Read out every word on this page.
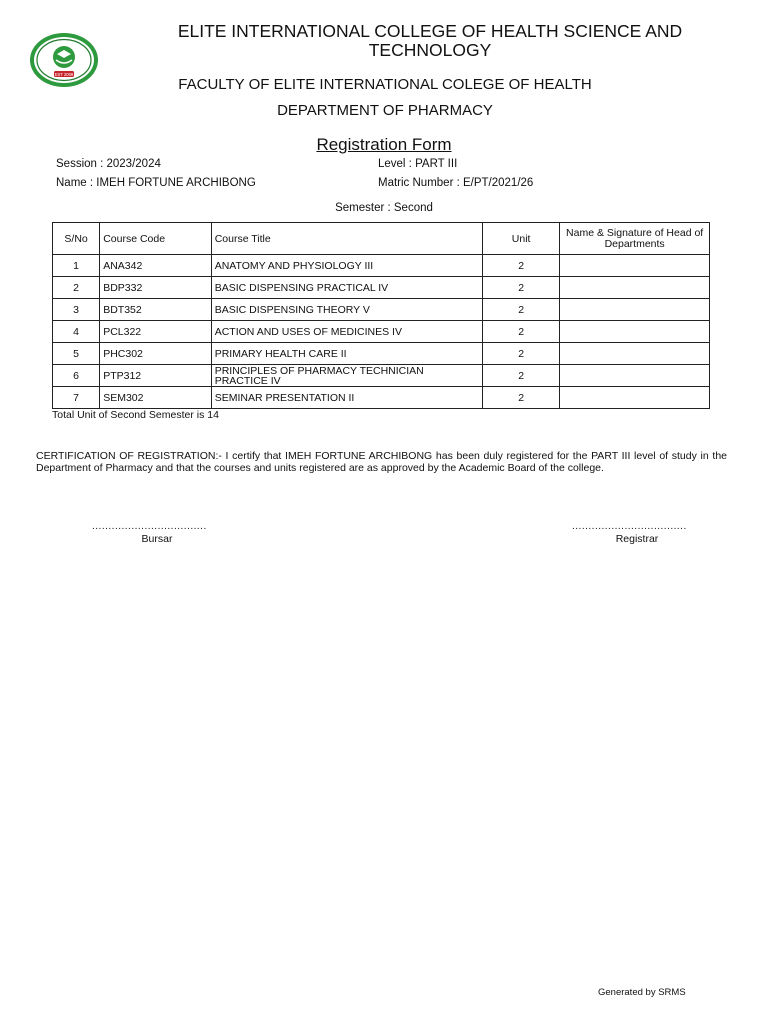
EST 2009
ELITE INTERNATIONAL COLLEGE OF HEALTH SCIENCE AND TECHNOLOGY
FACULTY OF ELITE INTERNATIONAL COLEGE OF HEALTH
DEPARTMENT OF PHARMACY
Registration Form
Session : 2023/2024
Name : IMEH FORTUNE ARCHIBONG
Level : PART III
Matric Number : E/PT/2021/26
Semester : Second
S/No	Course Code	Course Title	Unit	Name & Signature of Head of Departments
1	ANA342	ANATOMY AND PHYSIOLOGY III	2	
2	BDP332	BASIC DISPENSING PRACTICAL IV	2	
3	BDT352	BASIC DISPENSING THEORY V	2	
4	PCL322	ACTION AND USES OF MEDICINES IV	2	
5	PHC302	PRIMARY HEALTH CARE II	2	
6	PTP312	PRINCIPLES OF PHARMACY TECHNICIAN PRACTICE IV	2	
7	SEM302	SEMINAR PRESENTATION II	2	
Total Unit of Second Semester is 14
CERTIFICATION OF REGISTRATION:- I certify that IMEH FORTUNE ARCHIBONG has been duly registered for the PART III level of study in the Department of Pharmacy and that the courses and units registered are as approved by the Academic Board of the college.
...................................
Bursar
...................................
Registrar
Generated by SRMS
